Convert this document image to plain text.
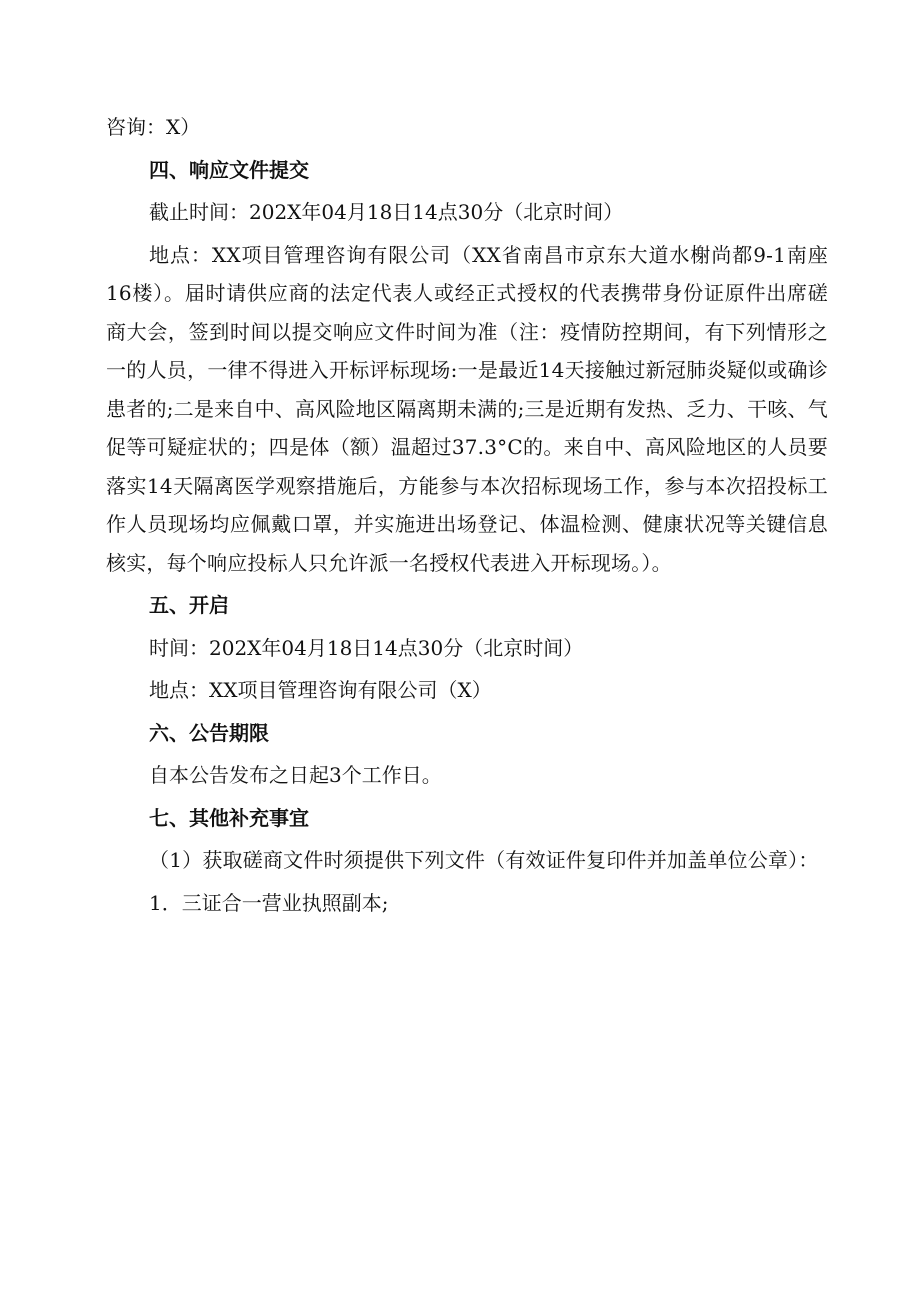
咨询：X）
四、响应文件提交
截止时间：202X年04月18日14点30分（北京时间）
地点：XX项目管理咨询有限公司（XX省南昌市京东大道水榭尚都9-1南座16楼）。届时请供应商的法定代表人或经正式授权的代表携带身份证原件出席磋商大会，签到时间以提交响应文件时间为准（注：疫情防控期间，有下列情形之一的人员，一律不得进入开标评标现场:一是最近14天接触过新冠肺炎疑似或确诊患者的;二是来自中、高风险地区隔离期未满的;三是近期有发热、乏力、干咳、气促等可疑症状的；四是体（额）温超过37.3°C的。来自中、高风险地区的人员要落实14天隔离医学观察措施后，方能参与本次招标现场工作，参与本次招投标工作人员现场均应佩戴口罩，并实施进出场登记、体温检测、健康状况等关键信息核实，每个响应投标人只允许派一名授权代表进入开标现场。）。
五、开启
时间：202X年04月18日14点30分（北京时间）
地点：XX项目管理咨询有限公司（X）
六、公告期限
自本公告发布之日起3个工作日。
七、其他补充事宜
（1）获取磋商文件时须提供下列文件（有效证件复印件并加盖单位公章）：
1．三证合一营业执照副本;
